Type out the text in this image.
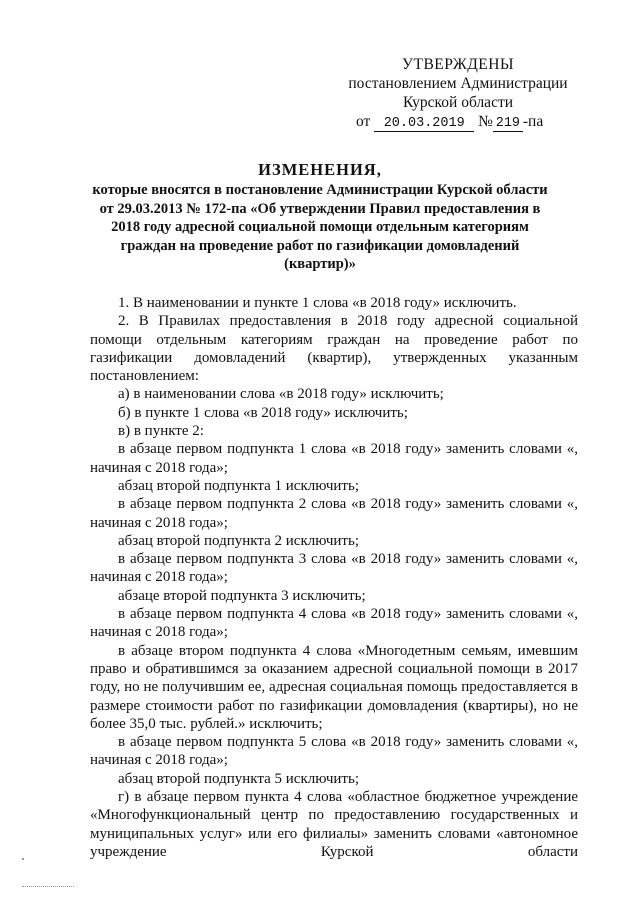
УТВЕРЖДЕНЫ
постановлением Администрации
Курской области
от 20.03.2019 № 219 -па
ИЗМЕНЕНИЯ,
которые вносятся в постановление Администрации Курской области от 29.03.2013 № 172-па «Об утверждении Правил предоставления в 2018 году адресной социальной помощи отдельным категориям граждан на проведение работ по газификации домовладений (квартир)»

1. В наименовании и пункте 1 слова «в 2018 году» исключить.

2. В Правилах предоставления в 2018 году адресной социальной помощи отдельным категориям граждан на проведение работ по газификации домовладений (квартир), утвержденных указанным постановлением:

а) в наименовании слова «в 2018 году» исключить;

б) в пункте 1 слова «в 2018 году» исключить;

в) в пункте 2:

в абзаце первом подпункта 1 слова «в 2018 году» заменить словами «, начиная с 2018 года»;

абзац второй подпункта 1 исключить;

в абзаце первом подпункта 2 слова «в 2018 году» заменить словами «, начиная с 2018 года»;

абзац второй подпункта 2 исключить;

в абзаце первом подпункта 3 слова «в 2018 году» заменить словами «, начиная с 2018 года»;

абзаце второй подпункта 3 исключить;

в абзаце первом подпункта 4 слова «в 2018 году» заменить словами «, начиная с 2018 года»;

в абзаце втором подпункта 4 слова «Многодетным семьям, имевшим право и обратившимся за оказанием адресной социальной помощи в 2017 году, но не получившим ее, адресная социальная помощь предоставляется в размере стоимости работ по газификации домовладения (квартиры), но не более 35,0 тыс. рублей.» исключить;

в абзаце первом подпункта 5 слова «в 2018 году» заменить словами «, начиная с 2018 года»;

абзац второй подпункта 5 исключить;

г) в абзаце первом пункта 4 слова «областное бюджетное учреждение «Многофункциональный центр по предоставлению государственных и муниципальных услуг» или его филиалы» заменить словами «автономное учреждение Курской области
